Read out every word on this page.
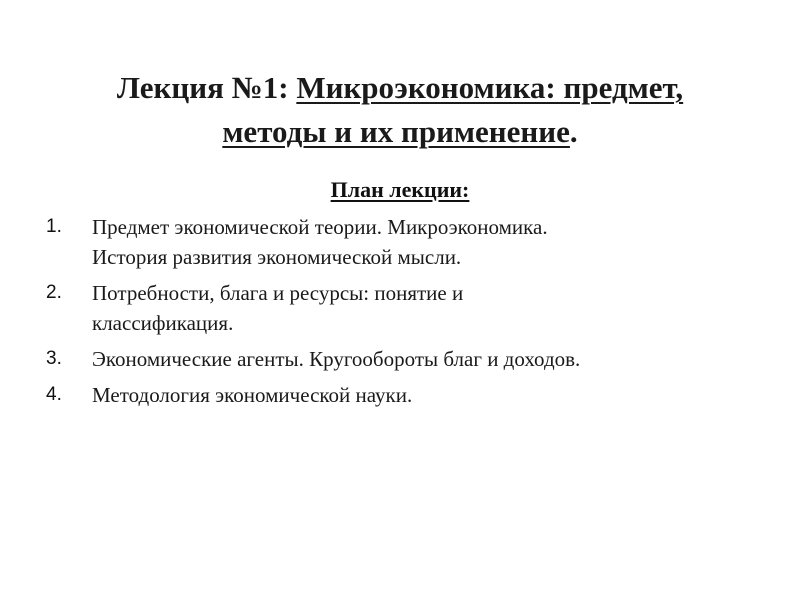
Лекция №1: Микроэкономика: предмет,
методы и их применение.
План лекции:
1.	Предмет экономической теории. Микроэкономика.
История развития экономической мысли.
2.	Потребности, блага и ресурсы: понятие и
классификация.
3.	Экономические агенты. Кругообороты благ и доходов.
4.	Методология экономической науки.
